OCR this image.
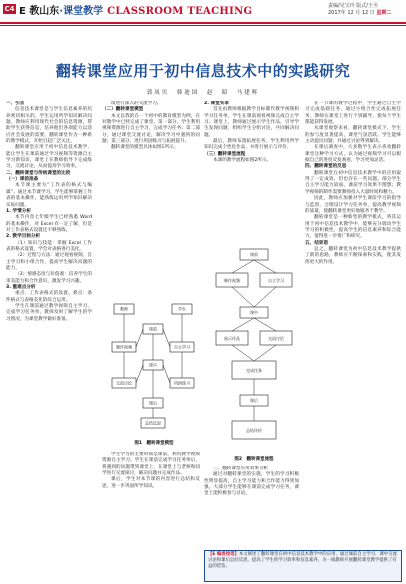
C4 E 教山东·课堂教学 CLASSROOM TEACHING	责编/吴宝玲 版式/王丞
2017年 12 月 12 日 星期二
翻转课堂应用于初中信息技术中的实践研究
郭凤贝　韩迪国　赵　昭　马建辉

一、引言

信息技术课堂是与学生信息素养的培养密切相关的。学生运用所学知识解决问题，教师应利用现代社会的信息资源，帮助学生获得信息，培养他们各项能力以适应社会发展的需要。翻转课堂作为一种新的教学模式，开始引起广泛关注。

翻转课堂应用于初中信息技术教学，能让学生在课前通过学习视频等资源自主学习新知识，课堂上在教师指导下完成练习、交流讨论，从而提高学习效率。

二、翻转课堂与传统课堂的比较

（一）课前准备

本节课主要为“工作表的格式与编辑”。通过本节课学习，学生能够掌握工作表的基本操作，能熟练运用所学知识解决实际问题。

1. 学情分析

本节内容七年级学生已经熟悉 Word 的基本操作，对 Excel 有一定了解，但是对工作表格式设置还不够熟练。

2. 教学目标分析

（1）知识与技能：掌握 Excel 工作表的格式设置，学会对表格进行美化。

（2）过程与方法：通过观看视频、自主学习和小组合作，提高学生解决问题的能力。

（3）情感态度与价值观：培养学生的审美能力和合作意识，激发学习兴趣。

3. 重难点分析

重点：工作表格式的设置。难点：条件格式与表格美化的综合运用。

学生在课前通过教学视频自主学习，完成学习任务单，教师及时了解学生的学习情况，为课堂教学做好准备。

境进行深入的交流学习。

（二）翻转课堂模型

本文以我的在一个初中的教育模型为例，在对教学中已经完成了课堂。第一部分，学生利用视频资源进行自主学习，完成学习任务；第二部分，通过课堂交流讨论，解决学习中遇到的问题；第三部分，进行巩固练习与拓展提升。

翻转课堂的模型具体如图1所示。

2. 课堂实录

首先由教师根据教学目标制作教学视频和学习任务单，学生在课前观看视频完成自主学习。课堂上，教师通过展示学生作品，引导学生发现问题，组织学生分组讨论，共同解决问题。

最后，教师布置拓展任务，学生利用所学知识完成个性化作品，并进行展示与评价。

（三）翻转课堂流程

本课的教学流程如图2所示。

在一节课的教学过程中，学生通过自主学习完成基础任务，通过小组合作完成拓展任务，教师在课堂上进行个别辅导，使每个学生都能获得发展。

从课堂观察来看，翻转课堂模式下，学生的参与度显著提高，课堂气氛活跃。学生能够主动提出问题，并通过讨论得到解决。

在课后调查中，大多数学生表示喜欢翻转课堂这种学习方式，认为通过视频学习可以根据自己的进度反复观看，学习更加灵活。

四、翻转课堂的反思

翻转课堂在初中信息技术教学中的应用取得了一定成效，但也存在一些问题。部分学生自主学习能力较弱，课前学习效果不理想；教学视频的制作需要教师投入大量时间和精力。

因此，教师应加强对学生课前学习的指导与监督，合理设计学习任务单，提高教学视频的质量，使翻转课堂更好地服务于教学。

翻转课堂是一种新型的教学模式，将其运用于初中信息技术教学中，能够充分调动学生学习的积极性，提高学生的信息素养和综合能力，值得进一步推广和研究。

五、结束语

总之，翻转课堂为初中信息技术教学提供了新的思路，教师应不断探索和实践，使其发挥更大的作用。

教师	学生
课前
课中
课后
制作视频	自主学习
交流讨论	巩固练习
总结反思
图1　翻转课堂模型

学生学习的主要时间是课前，利用教学视频资源自主学习。学生在课前完成学习任务单后，将遇到的问题带到课堂上，在课堂上与老师和同学进行交流探讨，解决问题并完成作品。

课后，学生对本节课的内容进行总结和反思，进一步巩固所学知识。

课前
制作视频	自主学习
课中
展示作品	交流讨论
完成任务
课后
总结评价
图2　翻转课堂流程

三、翻转课堂应用效果分析

通过对翻转课堂的实施，学生的学习积极性明显提高，自主学习能力和合作能力得到加强。大部分学生能够在课前完成学习任务，课堂上能积极参与讨论。

【E 编者按语】本文阐述了翻转课堂在初中信息技术教学中的应用，通过课前自主学习、课中交流讨论和课后总结反思，提高了学生的学习效率和信息素养，为一线教师开展翻转课堂教学提供了有益的借鉴。
